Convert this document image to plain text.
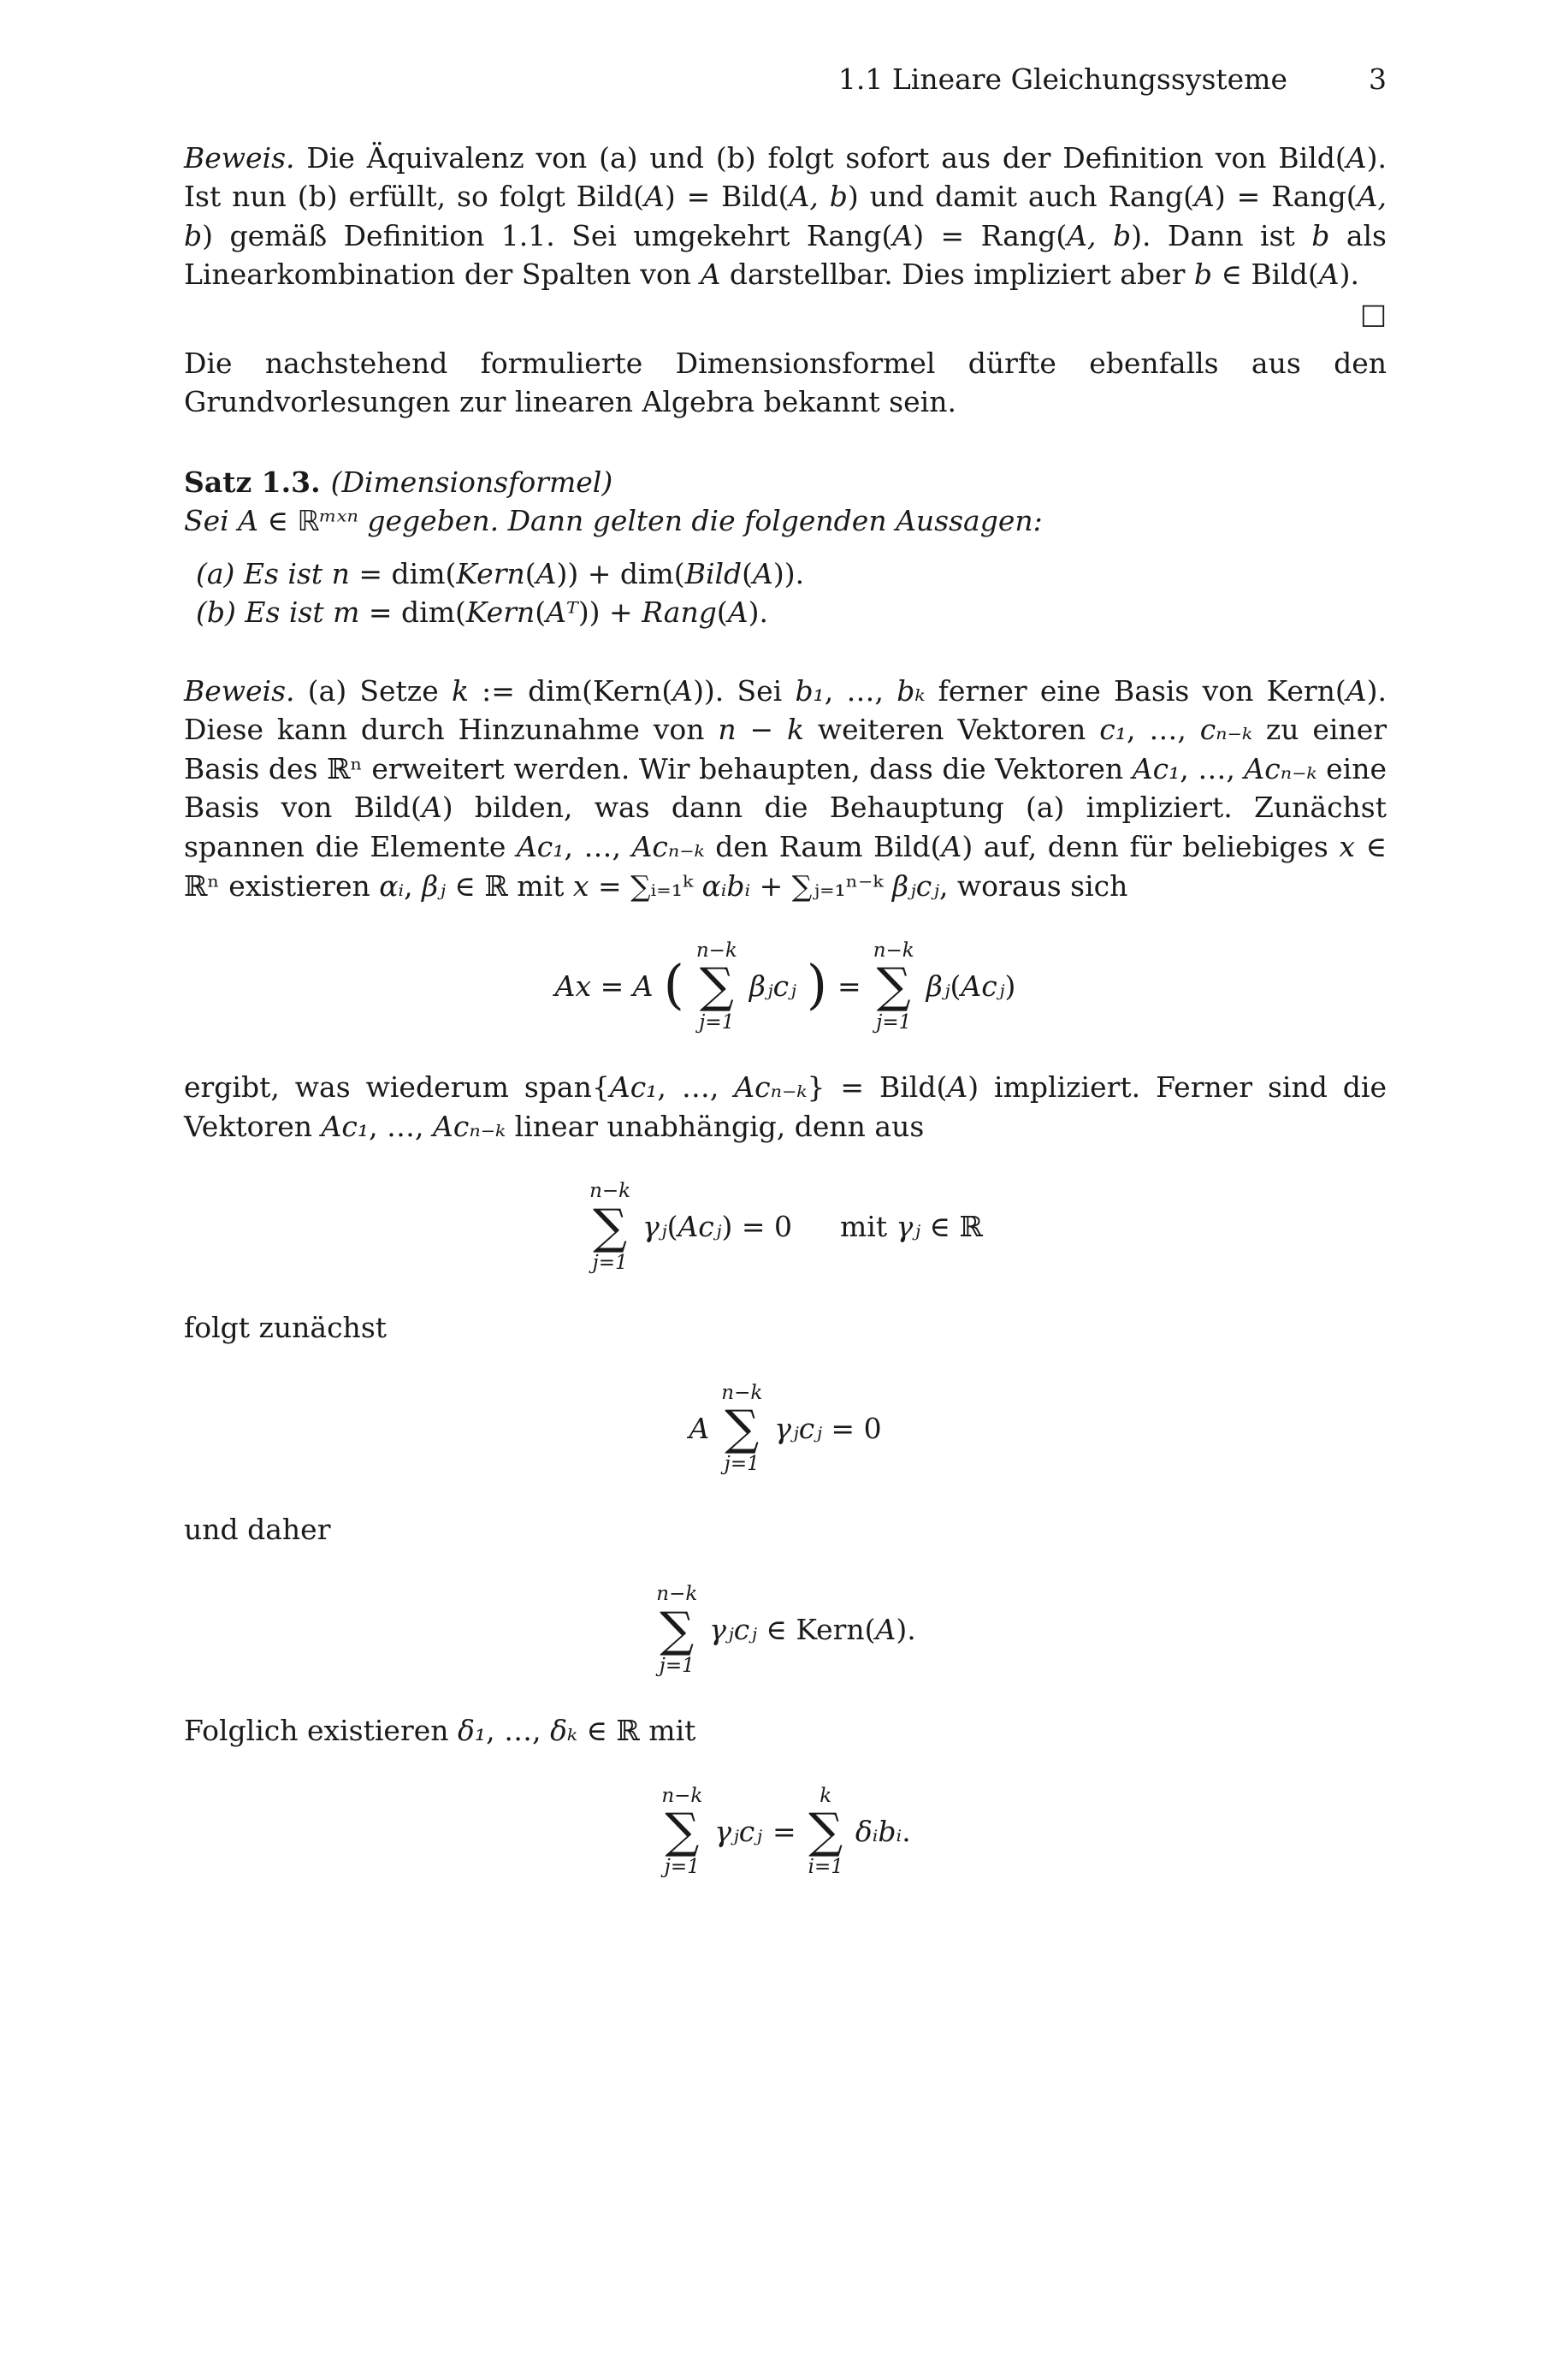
1.1 Lineare Gleichungssysteme	3

Beweis. Die Äquivalenz von (a) und (b) folgt sofort aus der Definition von Bild(A). Ist nun (b) erfüllt, so folgt Bild(A) = Bild(A, b) und damit auch Rang(A) = Rang(A, b) gemäß Definition 1.1. Sei umgekehrt Rang(A) = Rang(A, b). Dann ist b als Linearkombination der Spalten von A darstellbar. Dies impliziert aber b ∈ Bild(A).
□

Die nachstehend formulierte Dimensionsformel dürfte ebenfalls aus den Grundvorlesungen zur linearen Algebra bekannt sein.

Satz 1.3. (Dimensionsformel)

Sei A ∈ ℝᵐˣⁿ gegeben. Dann gelten die folgenden Aussagen:

(a) Es ist n = dim(Kern(A)) + dim(Bild(A)).

(b) Es ist m = dim(Kern(Aᵀ)) + Rang(A).

Beweis. (a) Setze k := dim(Kern(A)). Sei b₁, …, bₖ ferner eine Basis von Kern(A). Diese kann durch Hinzunahme von n − k weiteren Vektoren c₁, …, cₙ₋ₖ zu einer Basis des ℝⁿ erweitert werden. Wir behaupten, dass die Vektoren Ac₁, …, Acₙ₋ₖ eine Basis von Bild(A) bilden, was dann die Behauptung (a) impliziert. Zunächst spannen die Elemente Ac₁, …, Acₙ₋ₖ den Raum Bild(A) auf, denn für beliebiges x ∈ ℝⁿ existieren αᵢ, βⱼ ∈ ℝ mit x = ∑ᵢ₌₁ᵏ αᵢbᵢ + ∑ⱼ₌₁ⁿ⁻ᵏ βⱼcⱼ, woraus sich

Ax = A (
n−k
∑
j=1
βⱼcⱼ ) =
n−k
∑
j=1
βⱼ(Acⱼ)

ergibt, was wiederum span{Ac₁, …, Acₙ₋ₖ} = Bild(A) impliziert. Ferner sind die Vektoren Ac₁, …, Acₙ₋ₖ linear unabhängig, denn aus

n−k
∑
j=1
γⱼ(Acⱼ) = 0 mit γⱼ ∈ ℝ

folgt zunächst

A
n−k
∑
j=1
γⱼcⱼ = 0

und daher

n−k
∑
j=1
γⱼcⱼ ∈ Kern(A).

Folglich existieren δ₁, …, δₖ ∈ ℝ mit

n−k
∑
j=1
γⱼcⱼ =
k
∑
i=1
δᵢbᵢ.
